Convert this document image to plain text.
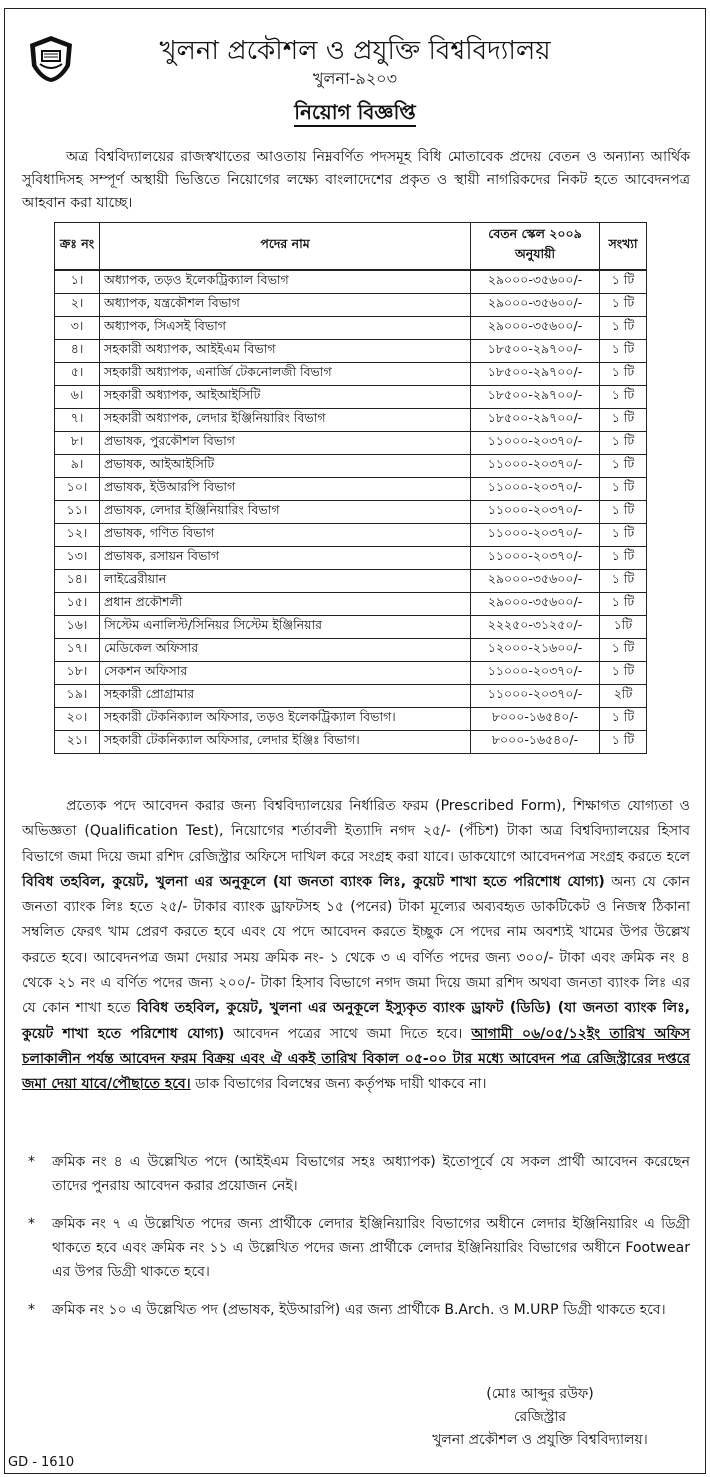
খুলনা প্রকৌশল ও প্রযুক্তি বিশ্ববিদ্যালয়
খুলনা-৯২০৩
নিয়োগ বিজ্ঞপ্তি
অত্র বিশ্ববিদ্যালয়ের রাজস্বখাতের আওতায় নিম্নবর্ণিত পদসমূহ বিধি মোতাবেক প্রদেয় বেতন ও অন্যান্য আর্থিক সুবিধাদিসহ সম্পূর্ণ অস্থায়ী ভিত্তিতে নিয়োগের লক্ষ্যে বাংলাদেশের প্রকৃত ও স্থায়ী নাগরিকদের নিকট হতে আবেদনপত্র আহবান করা যাচ্ছে।
ক্রঃ নং	পদের নাম	বেতন স্কেল ২০০৯ অনুযায়ী	সংখ্যা
১।	অধ্যাপক, তড়ও ইলেকট্রিক্যাল বিভাগ	২৯০০০-৩৫৬০০/-	১ টি
২।	অধ্যাপক, যন্ত্রকৌশল বিভাগ	২৯০০০-৩৫৬০০/-	১ টি
৩।	অধ্যাপক, সিএসই বিভাগ	২৯০০০-৩৫৬০০/-	১ টি
৪।	সহকারী অধ্যাপক, আইইএম বিভাগ	১৮৫০০-২৯৭০০/-	১ টি
৫।	সহকারী অধ্যাপক, এনার্জি টেকনোলজী বিভাগ	১৮৫০০-২৯৭০০/-	১ টি
৬।	সহকারী অধ্যাপক, আইআইসিটি	১৮৫০০-২৯৭০০/-	১ টি
৭।	সহকারী অধ্যাপক, লেদার ইঞ্জিনিয়ারিং বিভাগ	১৮৫০০-২৯৭০০/-	১ টি
৮।	প্রভাষক, পুরকৌশল বিভাগ	১১০০০-২০৩৭০/-	১ টি
৯।	প্রভাষক, আইআইসিটি	১১০০০-২০৩৭০/-	১ টি
১০।	প্রভাষক, ইউআরপি বিভাগ	১১০০০-২০৩৭০/-	১ টি
১১।	প্রভাষক, লেদার ইঞ্জিনিয়ারিং বিভাগ	১১০০০-২০৩৭০/-	১ টি
১২।	প্রভাষক, গণিত বিভাগ	১১০০০-২০৩৭০/-	১ টি
১৩।	প্রভাষক, রসায়ন বিভাগ	১১০০০-২০৩৭০/-	১ টি
১৪।	লাইব্রেরীয়ান	২৯০০০-৩৫৬০০/-	১ টি
১৫।	প্রধান প্রকৌশলী	২৯০০০-৩৫৬০০/-	১ টি
১৬।	সিস্টেম এনালিস্ট/সিনিয়র সিস্টেম ইঞ্জিনিয়ার	২২২৫০-৩১২৫০/-	১টি
১৭।	মেডিকেল অফিসার	১২০০০-২১৬০০/-	১ টি
১৮।	সেকশন অফিসার	১১০০০-২০৩৭০/-	১ টি
১৯।	সহকারী প্রোগ্রামার	১১০০০-২০৩৭০/-	২টি
২০।	সহকারী টেকনিক্যাল অফিসার, তড়ও ইলেকট্রিক্যাল বিভাগ।	৮০০০-১৬৫৪০/-	১ টি
২১।	সহকারী টেকনিক্যাল অফিসার, লেদার ইঞ্জিঃ বিভাগ।	৮০০০-১৬৫৪০/-	১ টি
প্রত্যেক পদে আবেদন করার জন্য বিশ্ববিদ্যালয়ের নির্ধারিত ফরম (Prescribed Form), শিক্ষাগত যোগ্যতা ও অভিজ্ঞতা (Qualification Test), নিয়োগের শর্তাবলী ইত্যাদি নগদ ২৫/- (পঁচিশ) টাকা অত্র বিশ্ববিদ্যালয়ের হিসাব বিভাগে জমা দিয়ে জমা রশিদ রেজিস্ট্রার অফিসে দাখিল করে সংগ্রহ করা যাবে। ডাকযোগে আবেদনপত্র সংগ্রহ করতে হলে বিবিধ তহবিল, কুয়েট, খুলনা এর অনুকূলে (যা জনতা ব্যাংক লিঃ, কুয়েট শাখা হতে পরিশোধ যোগ্য) অন্য যে কোন জনতা ব্যাংক লিঃ হতে ২৫/- টাকার ব্যাংক ড্রাফটসহ ১৫ (পনের) টাকা মূল্যের অব্যবহৃত ডাকটিকেট ও নিজস্ব ঠিকানা সম্বলিত ফেরৎ খাম প্রেরণ করতে হবে এবং যে পদে আবেদন করতে ইচ্ছুক সে পদের নাম অবশ্যই খামের উপর উল্লেখ করতে হবে। আবেদনপত্র জমা দেয়ার সময় ক্রমিক নং- ১ থেকে ৩ এ বর্ণিত পদের জন্য ৩০০/- টাকা এবং ক্রমিক নং ৪ থেকে ২১ নং এ বর্ণিত পদের জন্য ২০০/- টাকা হিসাব বিভাগে নগদ জমা দিয়ে জমা রশিদ অথবা জনতা ব্যাংক লিঃ এর যে কোন শাখা হতে বিবিধ তহবিল, কুয়েট, খুলনা এর অনুকূলে ইস্যুকৃত ব্যাংক ড্রাফট (ডিডি) (যা জনতা ব্যাংক লিঃ, কুয়েট শাখা হতে পরিশোধ যোগ্য) আবেদন পত্রের সাথে জমা দিতে হবে। আগামী ০৬/০৫/১২ইং তারিখ অফিস চলাকালীন পর্যন্ত আবেদন ফরম বিক্রয় এবং ঐ একই তারিখ বিকাল ০৫-০০ টার মধ্যে আবেদন পত্র রেজিস্ট্রারের দপ্তরে জমা দেয়া যাবে/পৌছাতে হবে। ডাক বিভাগের বিলম্বের জন্য কর্তৃপক্ষ দায়ী থাকবে না।
*	ক্রমিক নং ৪ এ উল্লেখিত পদে (আইইএম বিভাগের সহঃ অধ্যাপক) ইতোপূর্বে যে সকল প্রার্থী আবেদন করেছেন তাদের পুনরায় আবেদন করার প্রয়োজন নেই।
*	ক্রমিক নং ৭ এ উল্লেখিত পদের জন্য প্রার্থীকে লেদার ইঞ্জিনিয়ারিং বিভাগের অধীনে লেদার ইঞ্জিনিয়ারিং এ ডিগ্রী থাকতে হবে এবং ক্রমিক নং ১১ এ উল্লেখিত পদের জন্য প্রার্থীকে লেদার ইঞ্জিনিয়ারিং বিভাগের অধীনে Footwear এর উপর ডিগ্রী থাকতে হবে।
*	ক্রমিক নং ১০ এ উল্লেখিত পদ (প্রভাষক, ইউআরপি) এর জন্য প্রার্থীকে B.Arch. ও M.URP ডিগ্রী থাকতে হবে।
(মোঃ আব্দুর রউফ)
রেজিস্ট্রার
খুলনা প্রকৌশল ও প্রযুক্তি বিশ্ববিদ্যালয়।
GD - 1610
